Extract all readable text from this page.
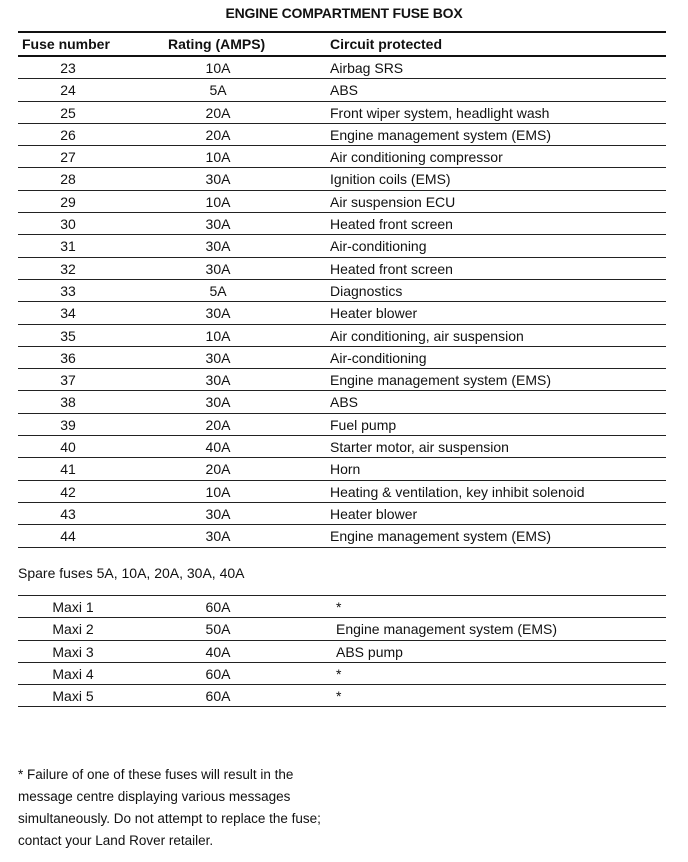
ENGINE COMPARTMENT FUSE BOX
Fuse number	Rating (AMPS)	Circuit protected
23	10A	Airbag SRS
24	5A	ABS
25	20A	Front wiper system, headlight wash
26	20A	Engine management system (EMS)
27	10A	Air conditioning compressor
28	30A	Ignition coils (EMS)
29	10A	Air suspension ECU
30	30A	Heated front screen
31	30A	Air-conditioning
32	30A	Heated front screen
33	5A	Diagnostics
34	30A	Heater blower
35	10A	Air conditioning, air suspension
36	30A	Air-conditioning
37	30A	Engine management system (EMS)
38	30A	ABS
39	20A	Fuel pump
40	40A	Starter motor, air suspension
41	20A	Horn
42	10A	Heating & ventilation, key inhibit solenoid
43	30A	Heater blower
44	30A	Engine management system (EMS)
Spare fuses 5A, 10A, 20A, 30A, 40A
Maxi 1	60A	*
Maxi 2	50A	Engine management system (EMS)
Maxi 3	40A	ABS pump
Maxi 4	60A	*
Maxi 5	60A	*
* Failure of one of these fuses will result in the message centre displaying various messages simultaneously. Do not attempt to replace the fuse; contact your Land Rover retailer.
